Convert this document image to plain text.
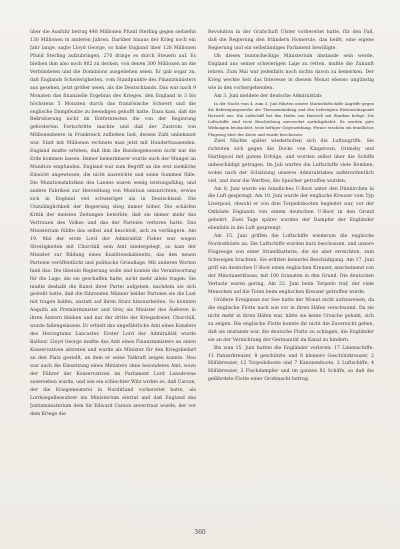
über die Ausfuhr betrug 448 Millionen Pfund Sterling gegen siebzehn 130 Millionen in anderen Jahren. Darüber hinaus der Krieg noch ein Jahr lange, sagte Lloyd George, so habe England über 128 Millionen Pfund Sterling aufzubringen, 270 dringe es durch Steuern auf. Es bleiben ihm also noch 862 zu decken, von denen 300 Millionen an die Verbündeten und die Dominions ausgeliehen seien. Er gab sogar zu, daß Englands Schwierigkeiten, vom Standpunkte des Finanzministers aus gesehen, jetzt größer seien, als die Deutschlands. Das war nach 9 Monaten das finanzielle Ergebnis des Krieges, den England in 3 bis höchstens 5 Monaten durch das französische Schwert und die englische Dampfwalze zu beendigen gehofft hatte. Dazu kam, daß die Rekrutierung nicht im Entferntesten die von der Regierung geforderten Fortschritte machte und daß der Zustrom von Millionenheere in Frankreich zufließen ließ, dessen Zahl unbekannt war. Statt mit Millionen rechnete man jetzt mit Hunderttausenden. England mußte erleben, daß ihm die Bundesgenossen nicht nur die Erde kommen lassen. Immer bemerkbarer wurde auch der Mangel an Munition empfunden. England war zum Begriff an die erst ziemliche Einsicht angewiesen, die nicht ausreichte und seine Summen fülle. Die Munitionsfabriken des Landes waren wenig leistungsfähig, und andere Fabriken zur Herstellung von Munition einzurichten, erwies sich in England viel schwieriger als in Deutschland. Die Unzulänglichkeit der Regierung stieg immer höher. Die schärfen Kritik der meisten Zeitungen bewirkte, daß sie immer mehr das Vertrauen des Volkes und das der Parteien verloren hatte. Das Ministerium fühlte das selbst und beschloß, sich zu verlängern. Am 19. Mai der erste Lord der Admiralität Fisher war wegen Streitigkeiten mit Churchill sein Amt niedergelegt, so kam der Minister zur Bildung eines Koalitionskabinetts, das den neuen Parteien veröffentlicht und politische Grundlage. Mit anderen Worten hieß das: Die liberale Regierung wolle und konnte die Verantwortung für die Lage, die sie geschaffen hatte, nicht mehr allein tragen. Sie mußte deshalb die Kunst ihrer Partei aufgeben, nachdem sie sich gestellt hatte, daß die führenden Männer beider Parteien sie die Last mit tragen halfen, anstatt auf ihren Sturz hinzuarbeiten. So konnten Asquith als Premierminister und Grey als Minister des Äußeren in ihren Ämtern bleiben und nur der dritte der Kriegsdreier, Churchill, wurde fallengelassen. Er erhielt das ungefährliche Amt eines Kanzlers des Herzogtums Lancaster. Erster Lord der Admiralität wurde Balfour. Lloyd George mußte das Amt eines Finanzministers an einen Konservativen abtreten und wurde als Minister für den Kriegsbedarf an den Platz gestellt, an dem er seine Tatkraft zeigen konnte. Neu war auch die Einsetzung eines Ministers ohne besonderes Amt, wozu der Führer der Konservativen im Parlament Lord Lansdowne ausersehen wurde, und wie ein schlechter Witz wirkte es, daß Carson, der die Kriegsmeuterei in Nordirland vorbereitet hatte, als Lordsiegelbewahrer ins Ministerium eintrat und daß England das Justizministerium dem Sir Edward Carson anvertraut wurde, der vor dem Kriege die

Revolution in der Grafschaft Ulster vorbereitet hatte, für den Fall, daß die Regierung den Irländern Homerule, das heißt, eine eigene Regierung und ein selbständiges Parlament bewilligte.

Ob dieses buntscheckige Ministerium imstande sein werde, England aus seiner schwierigen Lage zu retten, mußte die Zukunft lehren. Zum Mai war jedenfalls noch nichts davon zu bemerken. Der Krieg weckte heit das Interesse in diesem Monat ebenso ungünstig wie in den vorhergehenden.

Am 3. Juni meldete der deutsche Admiralstab:

In der Nacht vom 4. zum 5. Juni führten unsere Marineluftschiffe Angriffe gegen die Befestigungswerke der Themsemündung und den befestigten Küstenstützpunkt Harwich aus. Ein Luftschiff hat den Hafen von Harwich mit Bomben belegt. Die Luftschiffe sind trotz Beschießung unversehrt zurückgekehrt. Es wurden gute Wirkungen beobachtet, trotz heftiger Gegenwirkung. Ferner erschien ein feindliches Flugzeug über der Küste und wurde beschossen.

Zwei Nächte später wiederholten sich die Luftangriffe. Sie richteten sich gegen die Docks von Kingstown, Grimsby und Hartlepool mit gutem Erfolge, und wurden selbst über die Schiffe unbeschädigt getragen. Im Juli warfen die Luftschiffe viele Bomben, wobei nach der Schätzung unseres Admiralstabes außerordentlich viel, und zwar die Werften, die Speicher getroffen wurden.

Am 8. Juni wurde ein feindliches U-Boot unter den Dünkirchen in die Luft gesprengt. Am 10. Juni wurde der englische Kreuzer vom Typ Liverpool, obwohl er von drei Torpedobooten begleitet war, vor der Ostküste Englands von einem deutschen U-Boot in den Grund gebohrt. Zwei Tage später wurden der Dampfer der Engländer ebenfalls in die Luft gesprengt.

Am 15. Juni griffen die Luftschiffe wiederum die englische Nordostküste an. Die Luftschiffe wurden kurz beschossen, und unsere Flugzeuge von einer Strandbatterie, die sie aber erreichten, zum Schweigen brachten. Sie erlitten keinerlei Beschädigung. Am 17. Juni griff ein deutsches U-Boot einen englischen Kreuzer, anscheinend von der Minotauerklasse, mit 100 Granaten in den Grund. Die deutschen Verluste waren gering. Am 22. Juni beim Torpedo traf, der viele Menschen auf die Toten beim englischen Kreuzer getroffen wurde.

Größere Ereignisse zur See hatte der Monat nicht aufzuweisen, da die englische Flotte nach wie vor in ihren Häfen verschwand. Da sie nicht mehr in ihren Häfen war, hätte sie keine Ursache gehabt, sich zu zeigen. Die englische Flotte konnte ihr nicht die Zuversicht geben, daß sie imstande war, die deutsche Flotte zu schlagen, die Engländer sie an der Vernichtung der Germanität im Kanal zu hindern.

Bis zum 15. Juni hatten die Engländer verloren: 17 Linienschiffe, 11 Panzerkreuzer, 8 geschützte und 8 kleinere Geschützkreuzer, 2 Hilfskreuzer, 12 Torpedoboote und 7 Kanonenboote, 2 Luftschiffe, 4 Hilfskreuzer, 2 Fischdampfer und im ganzen 82 Schiffe, so daß die gefährdete Flotte einer Großmacht betrug.

360
